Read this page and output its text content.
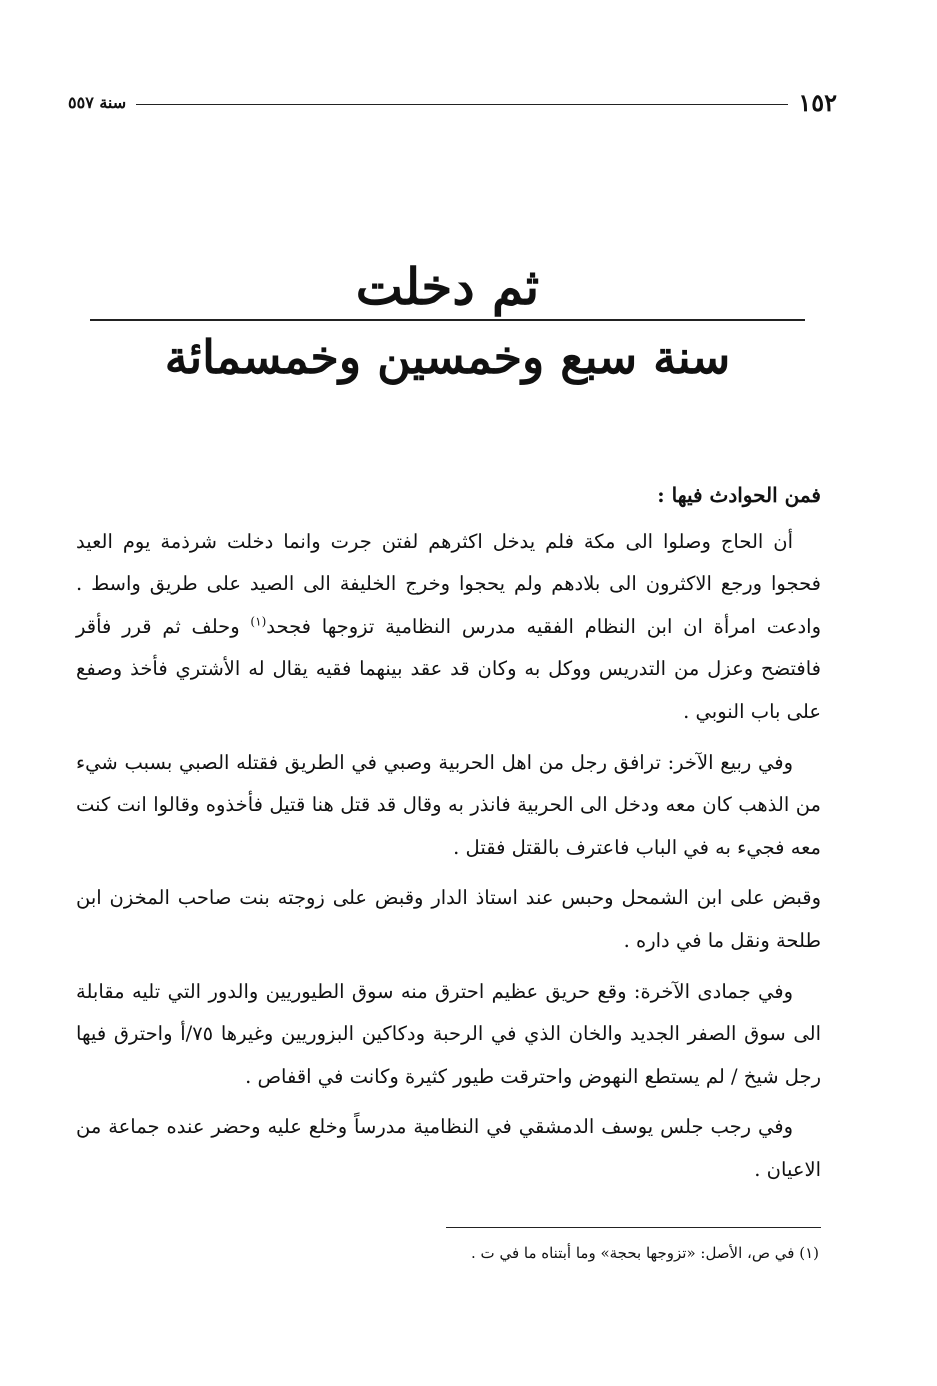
١٥٢
سنة ٥٥٧
ثم دخلت
سنة سبع وخمسين وخمسمائة
فمن الحوادث فيها :

أن الحاج وصلوا الى مكة فلم يدخل اكثرهم لفتن جرت وانما دخلت شرذمة يوم العيد فحجوا ورجع الاكثرون الى بلادهم ولم يحجوا وخرج الخليفة الى الصيد على طريق واسط . وادعت امرأة ان ابن النظام الفقيه مدرس النظامية تزوجها فجحد$^{(١)}$ وحلف ثم قرر فأقر فافتضح وعزل من التدريس ووكل به وكان قد عقد بينهما فقيه يقال له الأشتري فأخذ وصفع على باب النوبي .

وفي ربيع الآخر: ترافق رجل من اهل الحربية وصبي في الطريق فقتله الصبي بسبب شيء من الذهب كان معه ودخل الى الحربية فانذر به وقال قد قتل هنا قتيل فأخذوه وقالوا انت كنت معه فجيء به في الباب فاعترف بالقتل فقتل .

وقبض على ابن الشمحل وحبس عند استاذ الدار وقبض على زوجته بنت صاحب المخزن ابن طلحة ونقل ما في داره .

وفي جمادى الآخرة: وقع حريق عظيم احترق منه سوق الطيوريين والدور التي تليه مقابلة الى سوق الصفر الجديد والخان الذي في الرحبة ودكاكين البزوريين وغيرها ٧٥/أ واحترق فيها رجل شيخ / لم يستطع النهوض واحترقت طيور كثيرة وكانت في اقفاص .

وفي رجب جلس يوسف الدمشقي في النظامية مدرساً وخلع عليه وحضر عنده جماعة من الاعيان .

(١) في ص، الأصل: «تزوجها بحجة» وما أبتناه ما في ت .
